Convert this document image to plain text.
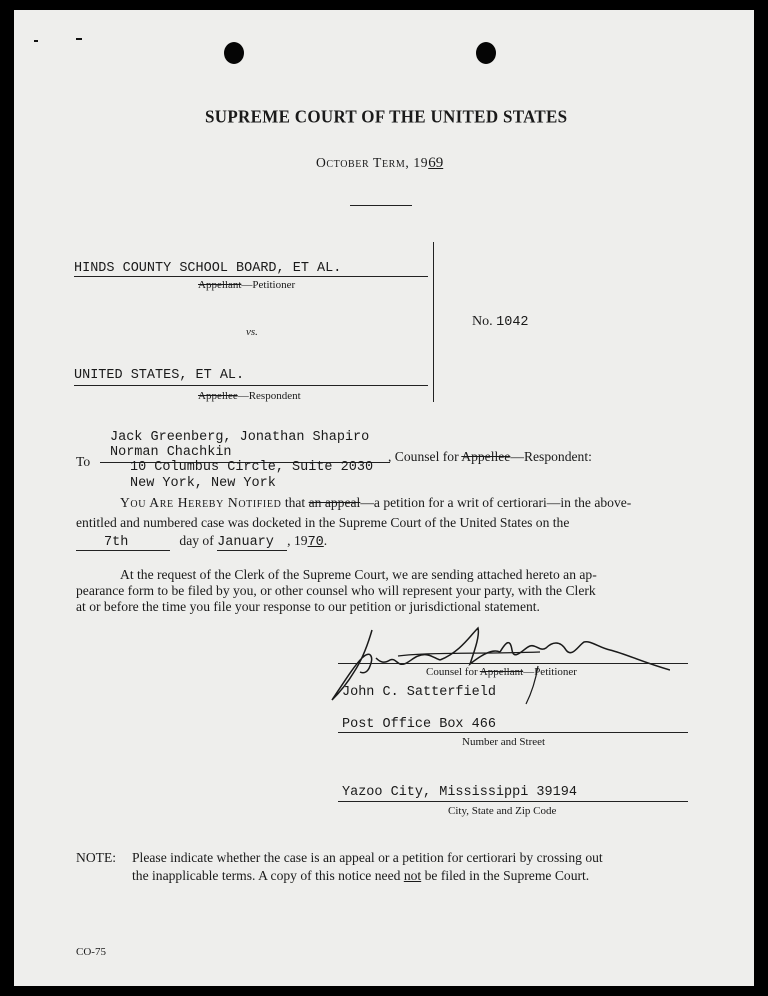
SUPREME COURT OF THE UNITED STATES
October Term, 1969
HINDS COUNTY SCHOOL BOARD, ET AL.
Appellant—Petitioner
vs.
UNITED STATES, ET AL.
Appellee—Respondent
No. 1042
Jack Greenberg, Jonathan Shapiro
To
Norman Chachkin	, Counsel for Appellee—Respondent:
10 Columbus Circle, Suite 2030
New York, New York
You Are Hereby Notified that an appeal—a petition for a writ of certiorari—in the above-
entitled and numbered case was docketed in the Supreme Court of the United States on the
7th	day of January , 1970.
At the request of the Clerk of the Supreme Court, we are sending attached hereto an ap-
pearance form to be filed by you, or other counsel who will represent your party, with the Clerk
at or before the time you file your response to our petition or jurisdictional statement.
Counsel for Appellant—Petitioner
John C. Satterfield
Post Office Box 466
Number and Street
Yazoo City, Mississippi 39194
City, State and Zip Code
NOTE: Please indicate whether the case is an appeal or a petition for certiorari by crossing out
the inapplicable terms. A copy of this notice need not be filed in the Supreme Court.
CO-75
